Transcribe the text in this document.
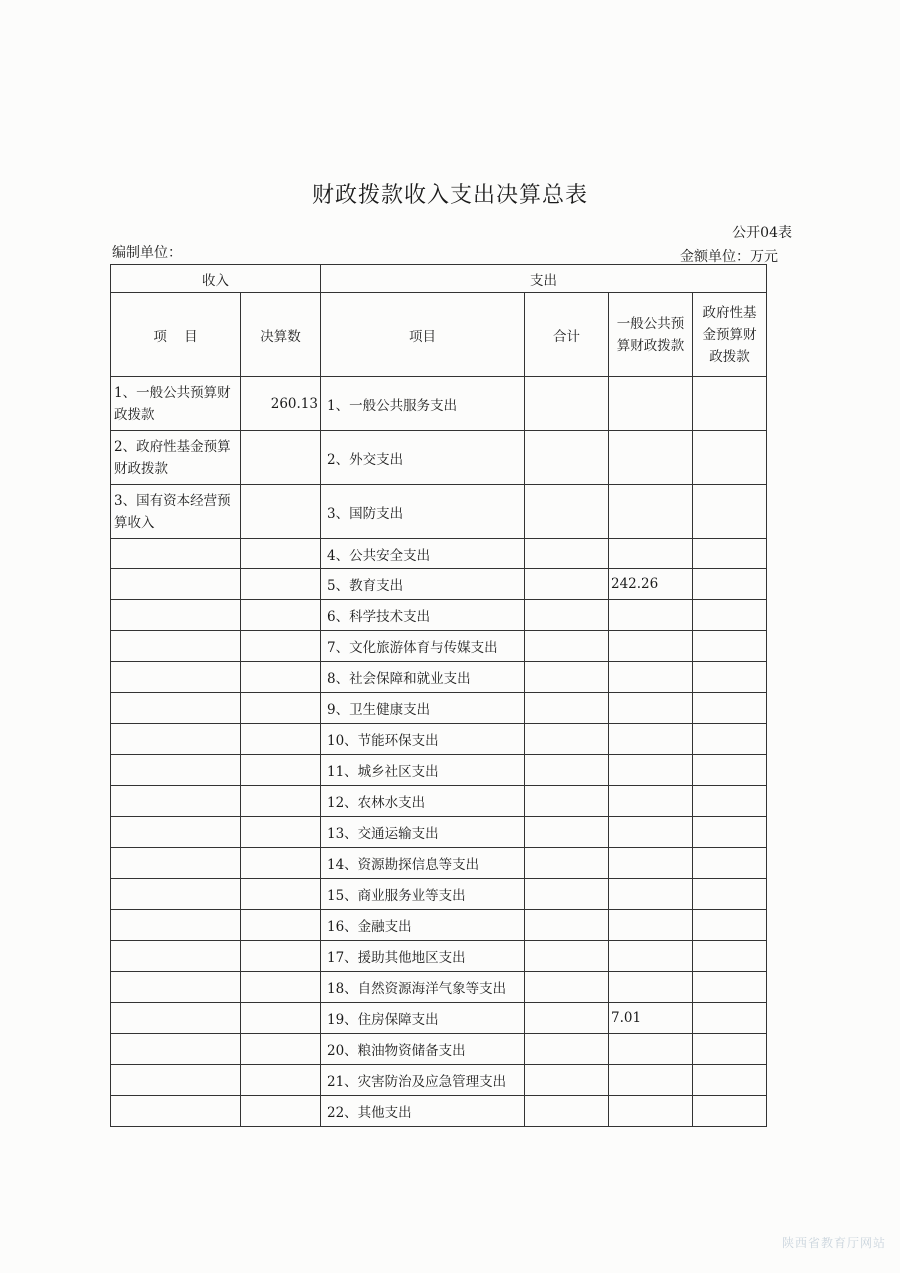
财政拨款收入支出决算总表
公开04表
编制单位：	金额单位：万元
收入		支出			
项    目	决算数	项目	合计	一般公共预算财政拨款	政府性基金预算财政拨款
1、一般公共预算财政拨款	260.13	1、一般公共服务支出			
2、政府性基金预算财政拨款		2、外交支出			
3、国有资本经营预算收入		3、国防支出			
		4、公共安全支出			
		5、教育支出		242.26	
		6、科学技术支出			
		7、文化旅游体育与传媒支出			
		8、社会保障和就业支出			
		9、卫生健康支出			
		10、节能环保支出			
		11、城乡社区支出			
		12、农林水支出			
		13、交通运输支出			
		14、资源勘探信息等支出			
		15、商业服务业等支出			
		16、金融支出			
		17、援助其他地区支出			
		18、自然资源海洋气象等支出			
		19、住房保障支出		7.01	
		20、粮油物资储备支出			
		21、灾害防治及应急管理支出			
		22、其他支出			
陕西省教育厅网站
